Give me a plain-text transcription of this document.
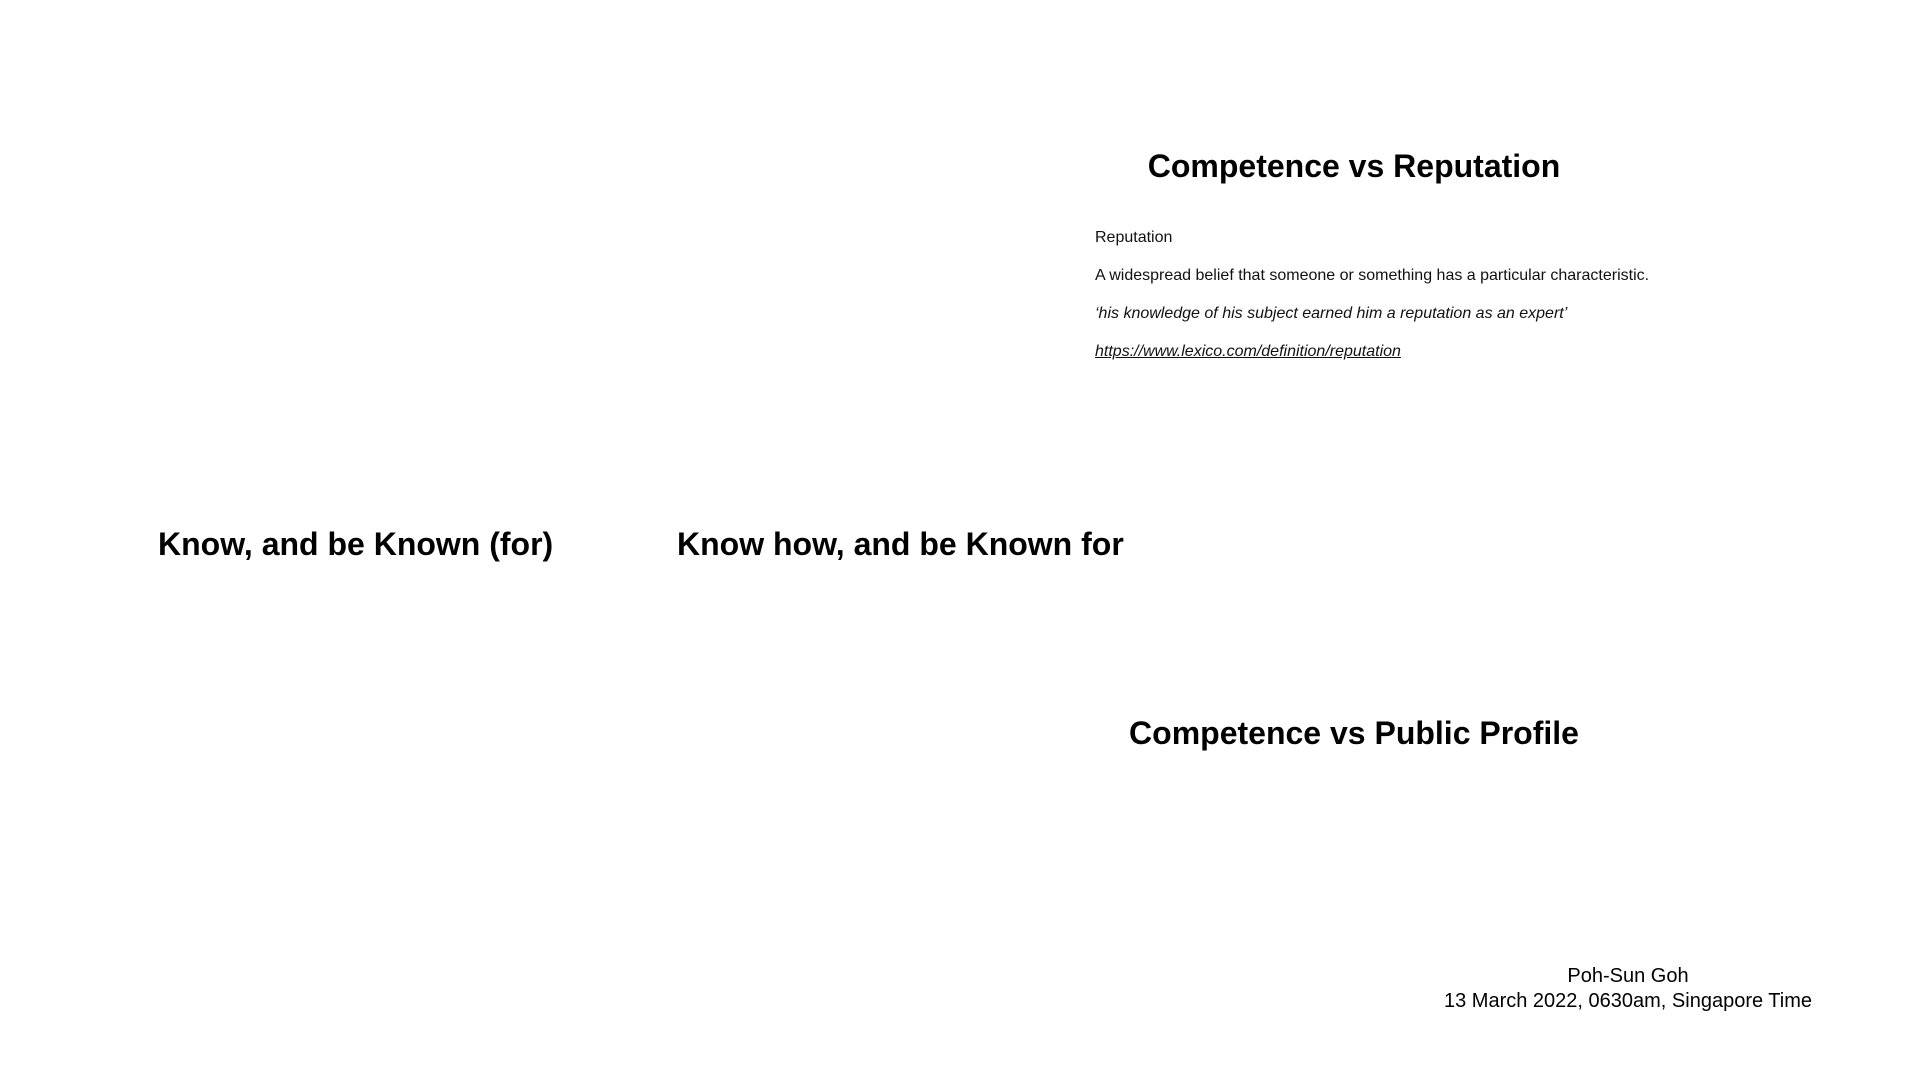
Competence vs Reputation

Reputation

A widespread belief that someone or something has a particular characteristic.

‘his knowledge of his subject earned him a reputation as an expert’

https://www.lexico.com/definition/reputation

Know, and be Known (for)	Know how, and be Known for
Competence vs Public Profile
Poh-Sun Goh
13 March 2022, 0630am, Singapore Time
